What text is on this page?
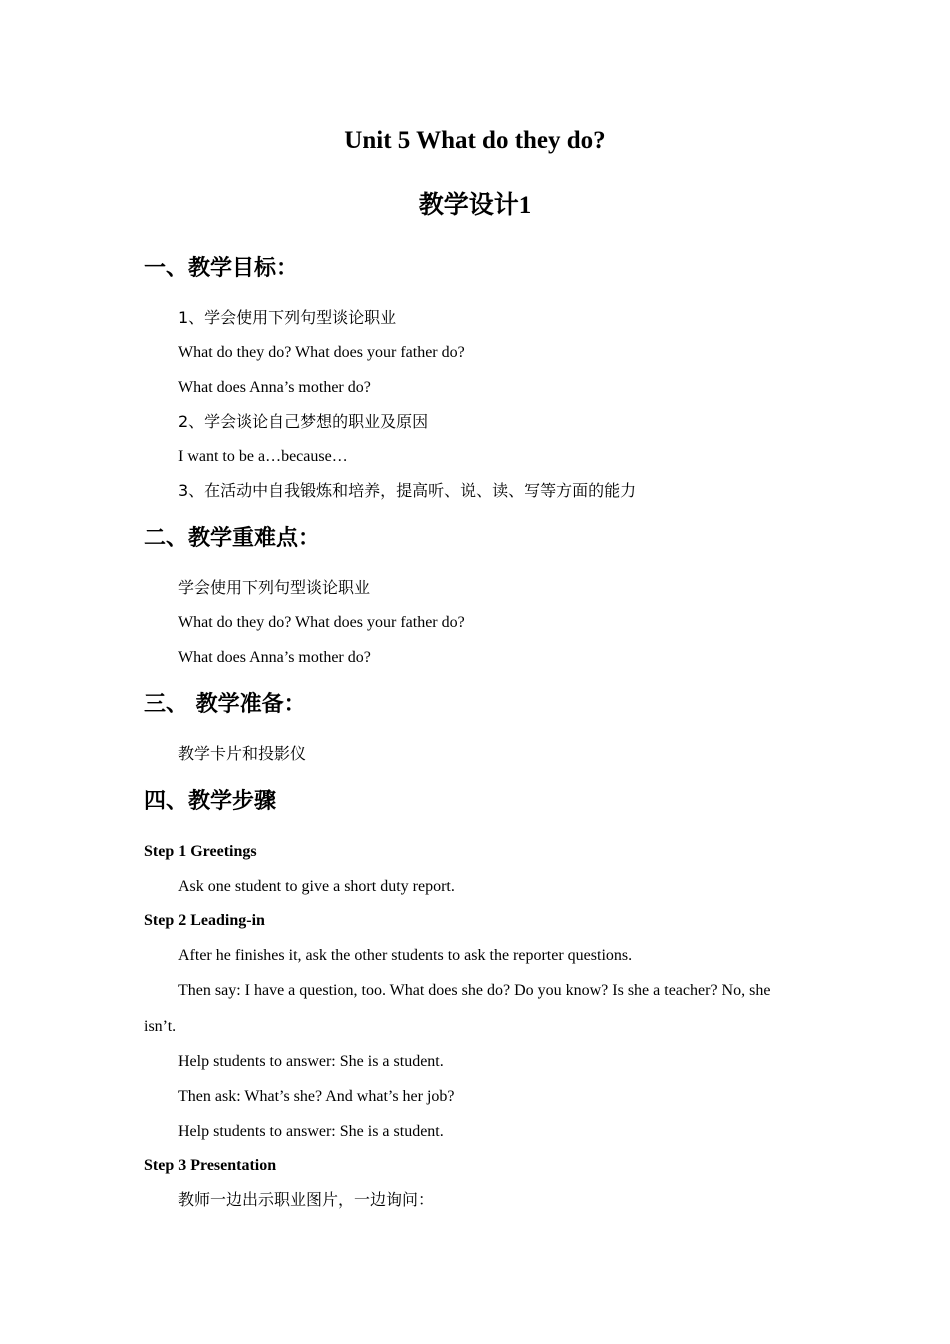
Unit 5 What do they do?
教学设计1
一、教学目标：
1、学会使用下列句型谈论职业
What do they do? What does your father do?
What does Anna’s mother do?
2、学会谈论自己梦想的职业及原因
I want to be a…because…
3、在活动中自我锻炼和培养，提高听、说、读、写等方面的能力
二、教学重难点：
学会使用下列句型谈论职业
What do they do? What does your father do?
What does Anna’s mother do?
三、 教学准备：
教学卡片和投影仪
四、教学步骤
Step 1 Greetings
Ask one student to give a short duty report.
Step 2 Leading-in
After he finishes it, ask the other students to ask the reporter questions.
Then say: I have a question, too. What does she do? Do you know? Is she a teacher? No, she
isn’t.
Help students to answer: She is a student.
Then ask: What’s she? And what’s her job?
Help students to answer: She is a student.
Step 3 Presentation
教师一边出示职业图片，一边询问：
